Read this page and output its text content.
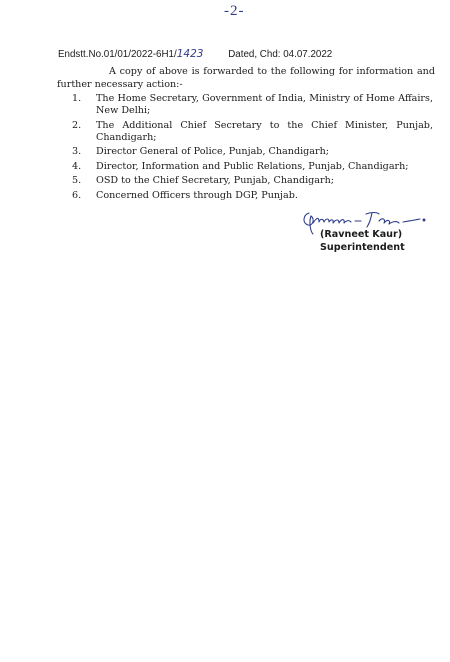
-2-
Endstt.No.01/01/2022-6H1/1423	Dated, Chd: 04.07.2022
A copy of above is forwarded to the following for information and further necessary action:-
1. The Home Secretary, Government of India, Ministry of Home Affairs, New Delhi;
2. The Additional Chief Secretary to the Chief Minister, Punjab, Chandigarh;
3. Director General of Police, Punjab, Chandigarh;
4. Director, Information and Public Relations, Punjab, Chandigarh;
5. OSD to the Chief Secretary, Punjab, Chandigarh;
6. Concerned Officers through DGP, Punjab.
(Ravneet Kaur)
Superintendent
